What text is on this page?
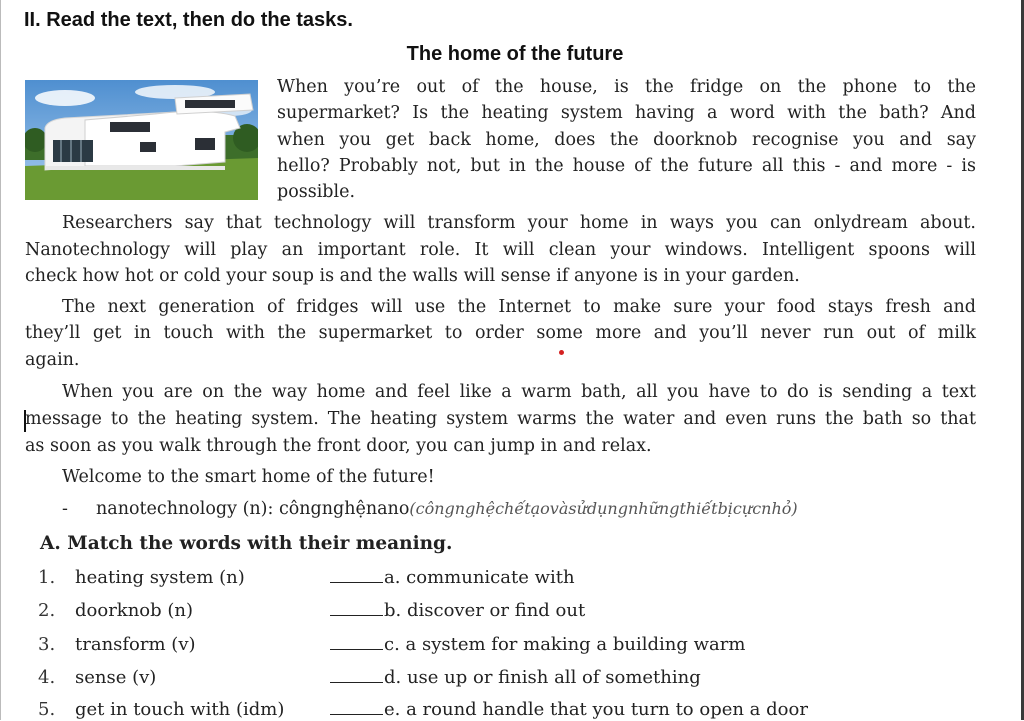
II. Read the text, then do the tasks.
The home of the future
When you’re out of the house, is the fridge on the phone to the
supermarket? Is the heating system having a word with the bath? And
when you get back home, does the doorknob recognise you and say
hello? Probably not, but in the house of the future all this - and more - is
possible.
Researchers say that technology will transform your home in ways you can onlydream about.
Nanotechnology will play an important role. It will clean your windows. Intelligent spoons will
check how hot or cold your soup is and the walls will sense if anyone is in your garden.
The next generation of fridges will use the Internet to make sure your food stays fresh and
they’ll get in touch with the supermarket to order some more and you’ll never run out of milk
again.
When you are on the way home and feel like a warm bath, all you have to do is sending a text
message to the heating system. The heating system warms the water and even runs the bath so that
as soon as you walk through the front door, you can jump in and relax.
Welcome to the smart home of the future!
- nanotechnology (n): côngnghệnano(côngnghệchếtạovàsửdụngnhữngthiếtbịcựcnhỏ)
A. Match the words with their meaning.
1. heating system (n)	a. communicate with
2. doorknob (n)	b. discover or find out
3. transform (v)	c. a system for making a building warm
4. sense (v)	d. use up or finish all of something
5. get in touch with (idm)	e. a round handle that you turn to open a door
